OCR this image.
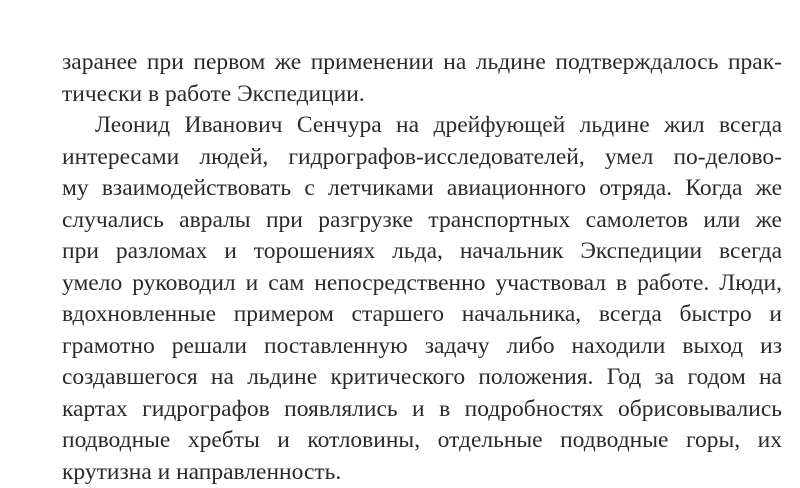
заранее при первом же применении на льдине подтверждалось прак-
тически в работе Экспедиции.
Леонид Иванович Сенчура на дрейфующей льдине жил всегда
интересами людей, гидрографов-исследователей, умел по-делово-
му взаимодействовать с летчиками авиационного отряда. Когда же
случались авралы при разгрузке транспортных самолетов или же
при разломах и торошениях льда, начальник Экспедиции всегда
умело руководил и сам непосредственно участвовал в работе. Люди,
вдохновленные примером старшего начальника, всегда быстро и
грамотно решали поставленную задачу либо находили выход из
создавшегося на льдине критического положения. Год за годом на
картах гидрографов появлялись и в подробностях обрисовывались
подводные хребты и котловины, отдельные подводные горы, их
крутизна и направленность.
